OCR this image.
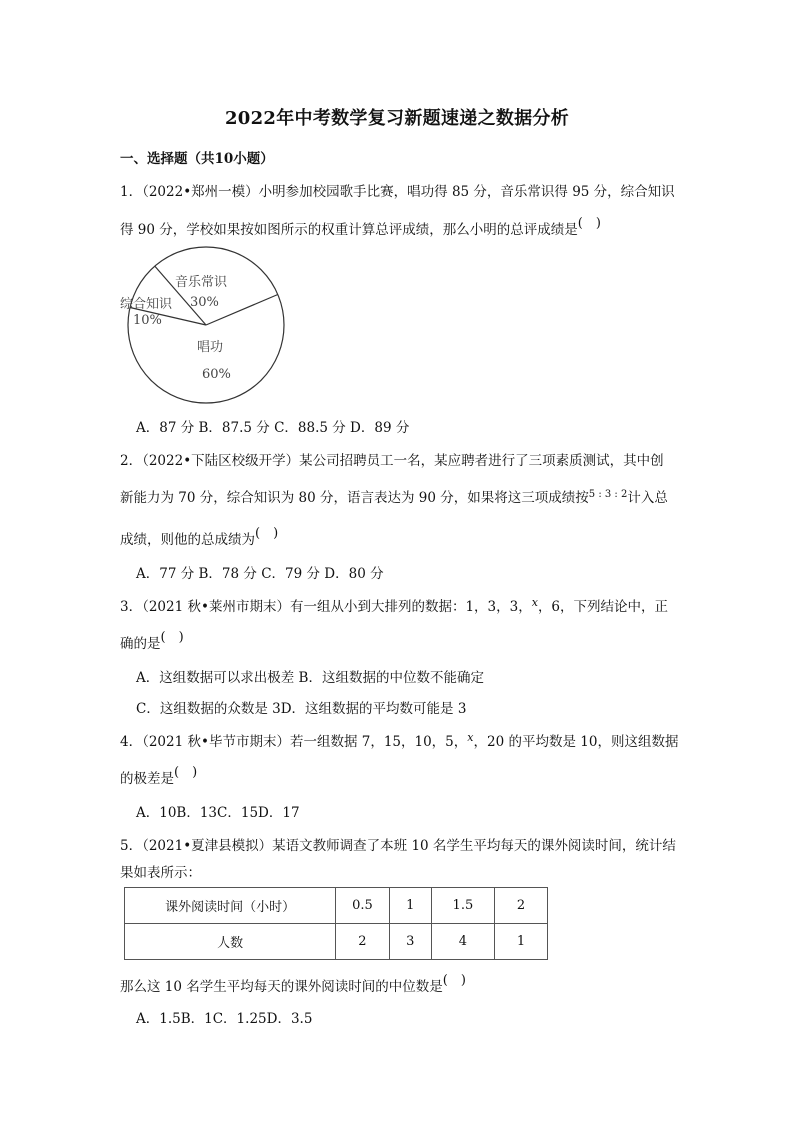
2022年中考数学复习新题速递之数据分析
一、选择题（共10小题）
1．（2022•郑州一模）小明参加校园歌手比赛，唱功得 85 分，音乐常识得 95 分，综合知识
得 90 分，学校如果按如图所示的权重计算总评成绩，那么小明的总评成绩是(　)
音乐常识
30%
综合知识
10%
唱功
60%
A．87 分 B．87.5 分 C．88.5 分 D．89 分
2．（2022•下陆区校级开学）某公司招聘员工一名，某应聘者进行了三项素质测试，其中创
新能力为 70 分，综合知识为 80 分，语言表达为 90 分，如果将这三项成绩按$^{5 : 3 : 2}$计入总
成绩，则他的总成绩为(　)
A．77 分 B．78 分 C．79 分 D．80 分
3．（2021 秋•莱州市期末）有一组从小到大排列的数据：1，3，3，$^x$，6，下列结论中，正
确的是(　)
A．这组数据可以求出极差 B．这组数据的中位数不能确定
C．这组数据的众数是 3D．这组数据的平均数可能是 3
4．（2021 秋•毕节市期末）若一组数据 7，15，10，5，$^x$，20 的平均数是 10，则这组数据
的极差是(　)
A．10B．13C．15D．17
5．（2021•夏津县模拟）某语文教师调查了本班 10 名学生平均每天的课外阅读时间，统计结
果如表所示：
课外阅读时间（小时）	0.5	1	1.5	2
人数	2	3	4	1
那么这 10 名学生平均每天的课外阅读时间的中位数是(　)
A．1.5B．1C．1.25D．3.5
